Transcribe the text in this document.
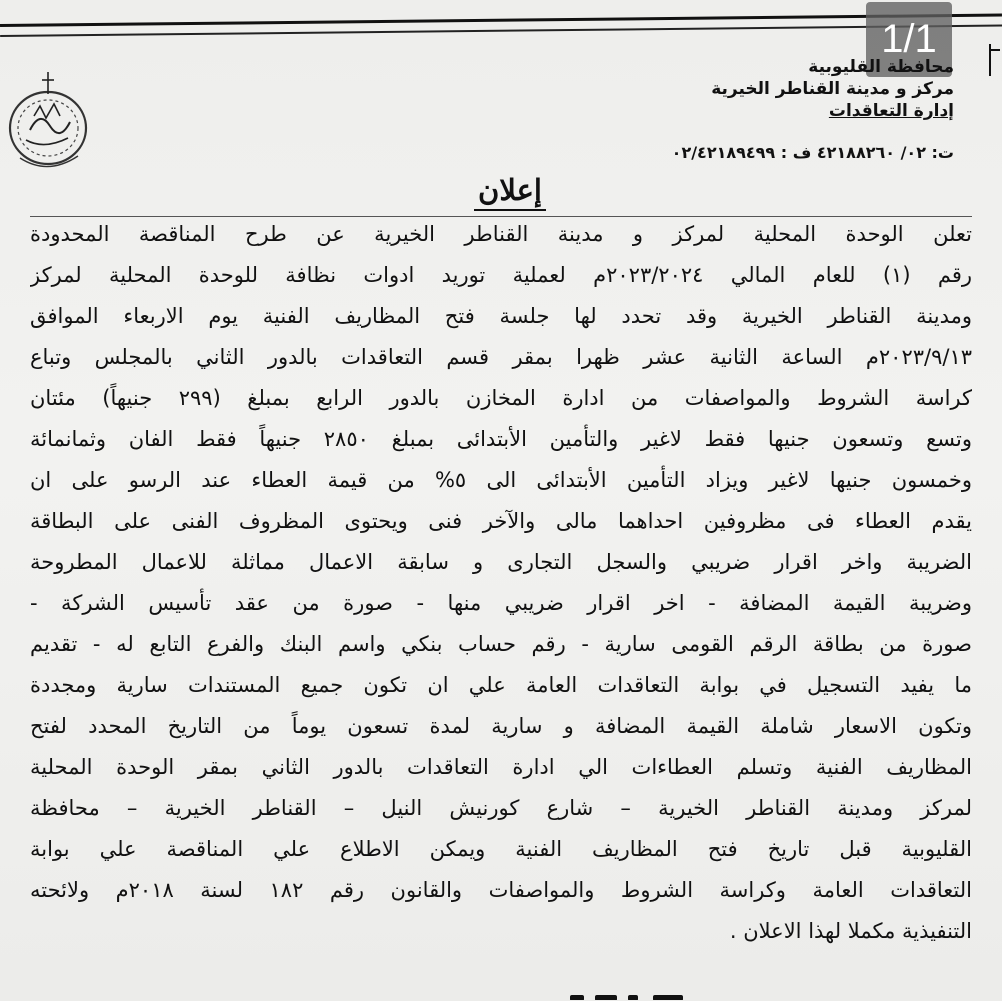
1/1
محافظة القليوبية
مركز و مدينة القناطر الخيرية
إدارة التعاقدات
ت: ٠٢/ ٤٢١٨٨٢٦٠ ف : ٠٢/٤٢١٨٩٤٩٩
إعلان
تعلن الوحدة المحلية لمركز و مدينة القناطر الخيرية عن طرح المناقصة المحدودة
رقم (١) للعام المالي ٢٠٢٣/٢٠٢٤م لعملية توريد ادوات نظافة للوحدة المحلية لمركز
ومدينة القناطر الخيرية وقد تحدد لها جلسة فتح المظاريف الفنية يوم الاربعاء الموافق
٢٠٢٣/٩/١٣م الساعة الثانية عشر ظهرا بمقر قسم التعاقدات بالدور الثاني بالمجلس وتباع
كراسة الشروط والمواصفات من ادارة المخازن بالدور الرابع بمبلغ (٢٩٩ جنيهاً) مئتان
وتسع وتسعون جنيها فقط لاغير والتأمين الأبتدائى بمبلغ ٢٨٥٠ جنيهاً فقط الفان وثمانمائة
وخمسون جنيها لاغير ويزاد التأمين الأبتدائى الى ٥% من قيمة العطاء عند الرسو على ان
يقدم العطاء فى مظروفين احداهما مالى والآخر فنى ويحتوى المظروف الفنى على البطاقة
الضريبة واخر اقرار ضريبي والسجل التجارى و سابقة الاعمال مماثلة للاعمال المطروحة
وضريبة القيمة المضافة - اخر اقرار ضريبي منها - صورة من عقد تأسيس الشركة -
صورة من بطاقة الرقم القومى سارية - رقم حساب بنكي واسم البنك والفرع التابع له - تقديم
ما يفيد التسجيل في بوابة التعاقدات العامة علي ان تكون جميع المستندات سارية ومجددة
وتكون الاسعار شاملة القيمة المضافة و سارية لمدة تسعون يوماً من التاريخ المحدد لفتح
المظاريف الفنية وتسلم العطاءات الي ادارة التعاقدات بالدور الثاني بمقر الوحدة المحلية
لمركز ومدينة القناطر الخيرية – شارع كورنيش النيل – القناطر الخيرية – محافظة
القليوبية قبل تاريخ فتح المظاريف الفنية ويمكن الاطلاع علي المناقصة علي بوابة
التعاقدات العامة وكراسة الشروط والمواصفات والقانون رقم ١٨٢ لسنة ٢٠١٨م ولائحته
التنفيذية مكملا لهذا الاعلان .
